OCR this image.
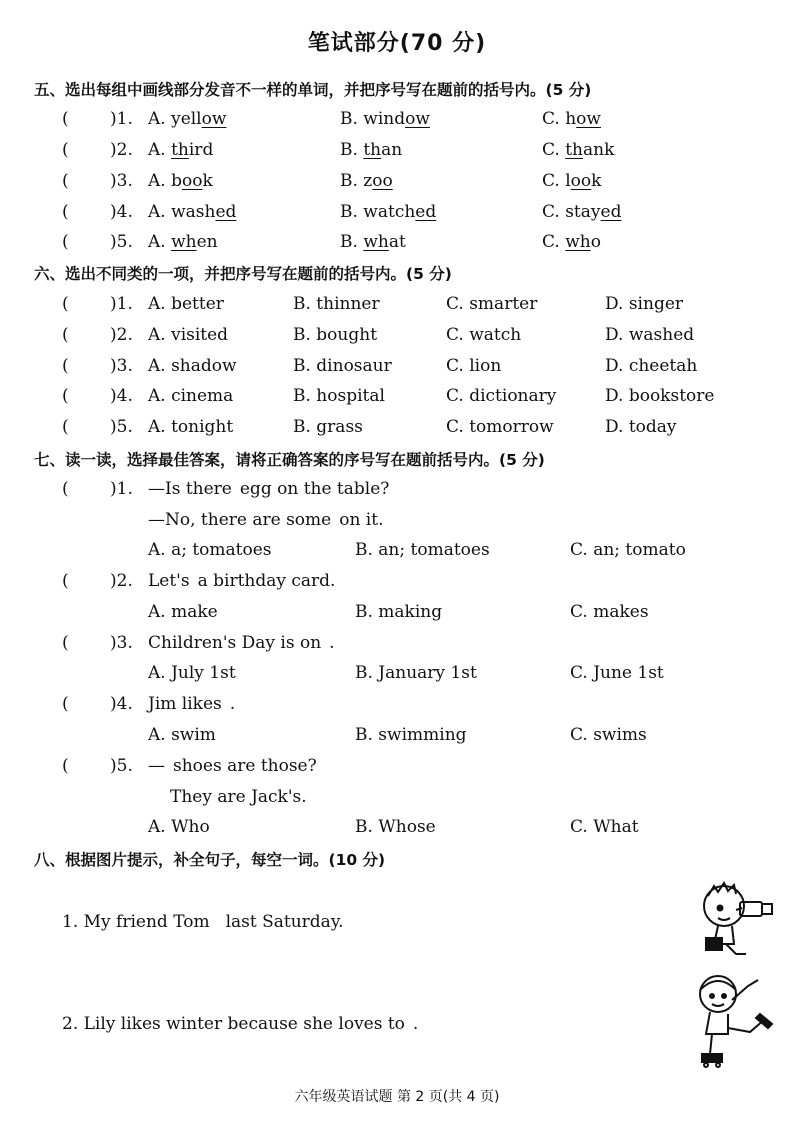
笔试部分(70 分)
五、选出每组中画线部分发音不一样的单词，并把序号写在题前的括号内。(5 分)
( )1. A. yellow	B. window	C. how
( )2. A. third	B. than	C. thank
( )3. A. book	B. zoo	C. look
( )4. A. washed	B. watched	C. stayed
( )5. A. when	B. what	C. who
六、选出不同类的一项，并把序号写在题前的括号内。(5 分)
( )1. A. better	B. thinner	C. smarter	D. singer
( )2. A. visited	B. bought	C. watch	D. washed
( )3. A. shadow	B. dinosaur	C. lion	D. cheetah
( )4. A. cinema	B. hospital	C. dictionary	D. bookstore
( )5. A. tonight	B. grass	C. tomorrow	D. today
七、读一读，选择最佳答案，请将正确答案的序号写在题前括号内。(5 分)
( )1. —Is there egg on the table?
—No, there are some on it.
A. a; tomatoes	B. an; tomatoes	C. an; tomato
( )2. Let's a birthday card.
A. make	B. making	C. makes
( )3. Children's Day is on .
A. July 1st	B. January 1st	C. June 1st
( )4. Jim likes .
A. swim	B. swimming	C. swims
( )5. — shoes are those?
They are Jack's.
A. Who	B. Whose	C. What
八、根据图片提示，补全句子，每空一词。(10 分)
1. My friend Tom last Saturday.
2. Lily likes winter because she loves to .
六年级英语试题 第 2 页(共 4 页)
